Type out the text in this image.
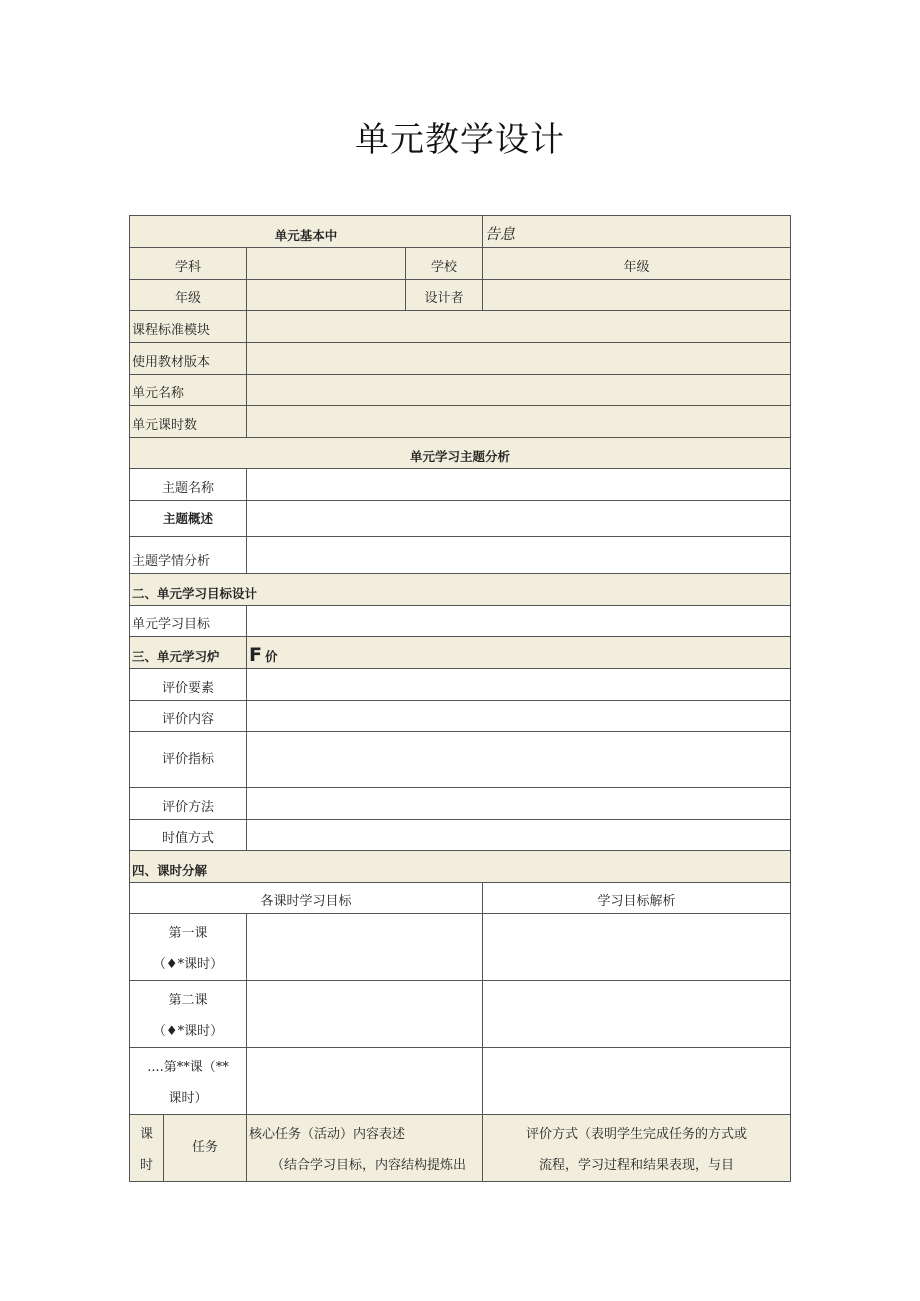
单元教学设计
单元基本中				告息
学科			学校	年级
年级			设计者	
课程标准模块				
使用教材版本				
单元名称				
单元课时数				
单元学习主题分析				
主题名称				
主题概述				
主题学情分析				
二、单元学习目标设计				
单元学习目标				
三、单元学习炉		F 价		
评价要素				
评价内容				
评价指标				
评价方法				
时值方式				
四、课时分解				
各课时学习目标				学习目标解析
第一课
（♦*课时）				
第二课
（♦*课时）				
....第**课（**
课时）				
课
时	任务	核心任务（活动）内容表述
（结合学习目标，内容结构提炼出		评价方式（表明学生完成任务的方式或
流程，学习过程和结果表现，与目
